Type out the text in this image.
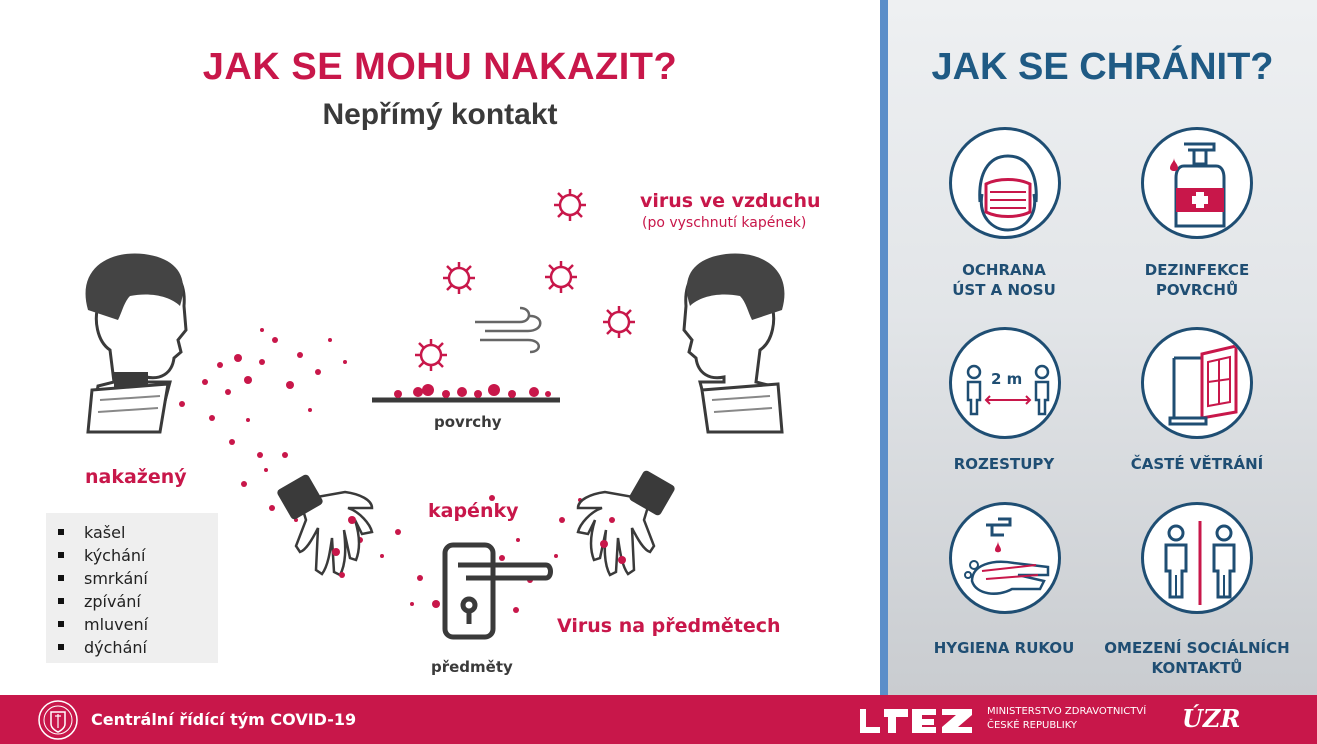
JAK SE MOHU NAKAZIT?
Nepřímý kontakt
virus ve vzduchu
(po vyschnutí kapének)
povrchy
nakažený
kapénky
předměty
Virus na předmětech
kašel
kýchání
smrkání
zpívání
mluvení
dýchání
JAK SE CHRÁNIT?
OCHRANA
ÚST A NOSU
DEZINFEKCE
POVRCHŮ
2 m
ROZESTUPY	ČASTÉ VĚTRÁNÍ
HYGIENA RUKOU	OMEZENÍ SOCIÁLNÍCH
KONTAKTŮ
Centrální řídící tým COVID-19	MINISTERSTVO ZDRAVOTNICTVÍ
ČESKÉ REPUBLIKY	ÚZR
